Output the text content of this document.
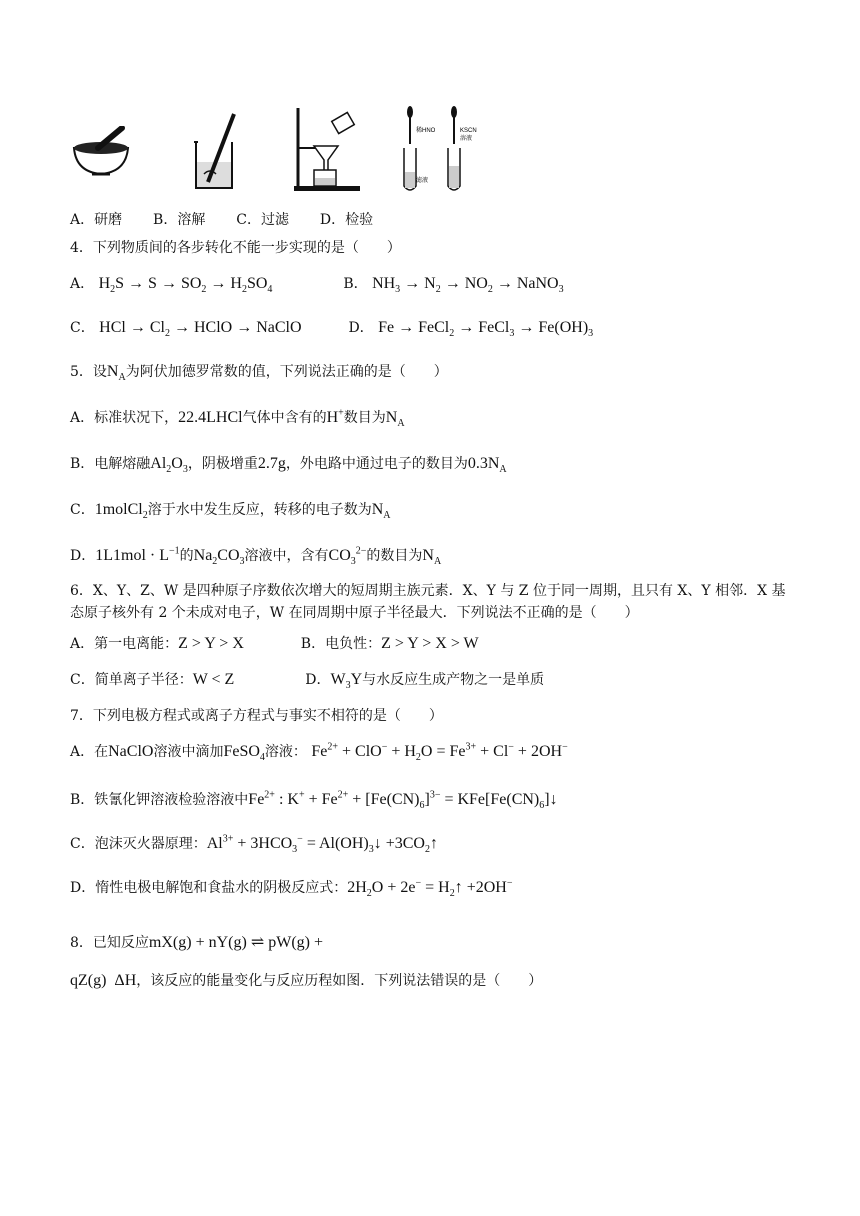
稀HNO
滤液
KSCN
溶液
A．研磨 B．溶解 C．过滤 D．检验
4．下列物质间的各步转化不能一步实现的是（　　）
A． $H_2S \to S \to SO_2 \to H_2SO_4$	B． $NH_3 \to N_2 \to NO_2$ → NaNO$_3$
C． HCl → $Cl_2$ → HClO → NaClO	D． Fe → FeCl$_2$ → FeCl$_3$ → $Fe(OH)_3$
5．设$N_A$为阿伏加德罗常数的值，下列说法正确的是（　　）
A．标准状况下，22.4LHCl气体中含有的H+数目为$N_A$
B．电解熔融$Al_2O_3$，阴极增重2.7g，外电路中通过电子的数目为$0.3N_A$
C．1molCl$_2$溶于水中发生反应，转移的电子数为$N_A$
D．$1L1mol \cdot L^{-1}$的$Na_2CO_3$溶液中，含有$CO_3^{2-}$的数目为$N_A$
6．X、Y、Z、W 是四种原子序数依次增大的短周期主族元素．X、Y 与 Z 位于同一周期，且只有 X、Y 相邻．X 基态原子核外有 2 个未成对电子，W 在同周期中原子半径最大．下列说法不正确的是（　　）
A．第一电离能：Z > Y > X	B．电负性：Z > Y > X > W
C．简单离子半径：W < Z	D．$W_3Y$与水反应生成产物之一是单质
7．下列电极方程式或离子方程式与事实不相符的是（　　）
A．在NaClO溶液中滴加FeSO$_4$溶液： $Fe^{2+} + ClO^- + H_2O = Fe^{3+} + Cl^- + 2OH^-$
B．铁氰化钾溶液检验溶液中$Fe^{2+}$ : $K^+ + Fe^{2+} + [Fe(CN)_6]^{3-}$ = $KFe[Fe(CN)_6]↓$
C．泡沫灭火器原理：$Al^{3+} + 3HCO_3^-$ = $Al(OH)_3↓$ $+3CO_2↑$
D．惰性电极电解饱和食盐水的阴极反应式：$2H_2O + 2e^-$ = $H_2↑ +2OH^-$
8．已知反应mX(g) + nY(g) ⇌ pW(g) + qZ(g)  ΔH，该反应的能量变化与反应历程如图．下列说法错误的是（　　）
